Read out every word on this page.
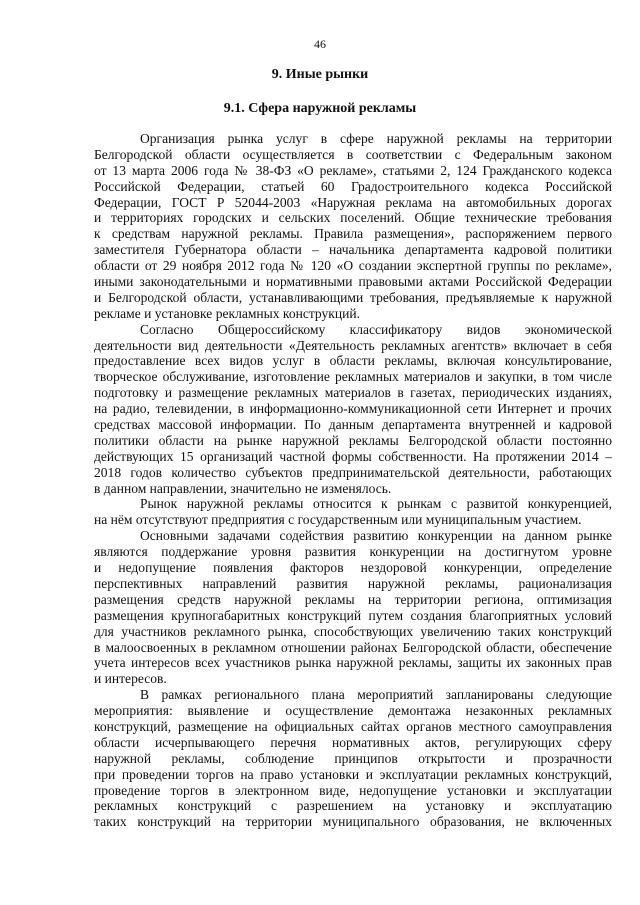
46
9. Иные рынки
9.1. Сфера наружной рекламы
Организация рынка услуг в сфере наружной рекламы на территории
Белгородской области осуществляется в соответствии с Федеральным законом
от 13 марта 2006 года № 38-ФЗ «О рекламе», статьями 2, 124 Гражданского кодекса
Российской Федерации, статьей 60 Градостроительного кодекса Российской
Федерации, ГОСТ Р 52044-2003 «Наружная реклама на автомобильных дорогах
и территориях городских и сельских поселений. Общие технические требования
к средствам наружной рекламы. Правила размещения», распоряжением первого
заместителя Губернатора области – начальника департамента кадровой политики
области от 29 ноября 2012 года № 120 «О создании экспертной группы по рекламе»,
иными законодательными и нормативными правовыми актами Российской Федерации
и Белгородской области, устанавливающими требования, предъявляемые к наружной
рекламе и установке рекламных конструкций.
Согласно Общероссийскому классификатору видов экономической
деятельности вид деятельности «Деятельность рекламных агентств» включает в себя
предоставление всех видов услуг в области рекламы, включая консультирование,
творческое обслуживание, изготовление рекламных материалов и закупки, в том числе
подготовку и размещение рекламных материалов в газетах, периодических изданиях,
на радио, телевидении, в информационно-коммуникационной сети Интернет и прочих
средствах массовой информации. По данным департамента внутренней и кадровой
политики области на рынке наружной рекламы Белгородской области постоянно
действующих 15 организаций частной формы собственности. На протяжении 2014 –
2018 годов количество субъектов предпринимательской деятельности, работающих
в данном направлении, значительно не изменялось.
Рынок наружной рекламы относится к рынкам с развитой конкуренцией,
на нём отсутствуют предприятия с государственным или муниципальным участием.
Основными задачами содействия развитию конкуренции на данном рынке
являются поддержание уровня развития конкуренции на достигнутом уровне
и недопущение появления факторов нездоровой конкуренции, определение
перспективных направлений развития наружной рекламы, рационализация
размещения средств наружной рекламы на территории региона, оптимизация
размещения крупногабаритных конструкций путем создания благоприятных условий
для участников рекламного рынка, способствующих увеличению таких конструкций
в малоосвоенных в рекламном отношении районах Белгородской области, обеспечение
учета интересов всех участников рынка наружной рекламы, защиты их законных прав
и интересов.
В рамках регионального плана мероприятий запланированы следующие
мероприятия: выявление и осуществление демонтажа незаконных рекламных
конструкций, размещение на официальных сайтах органов местного самоуправления
области исчерпывающего перечня нормативных актов, регулирующих сферу
наружной рекламы, соблюдение принципов открытости и прозрачности
при проведении торгов на право установки и эксплуатации рекламных конструкций,
проведение торгов в электронном виде, недопущение установки и эксплуатации
рекламных конструкций с разрешением на установку и эксплуатацию
таких конструкций на территории муниципального образования, не включенных
